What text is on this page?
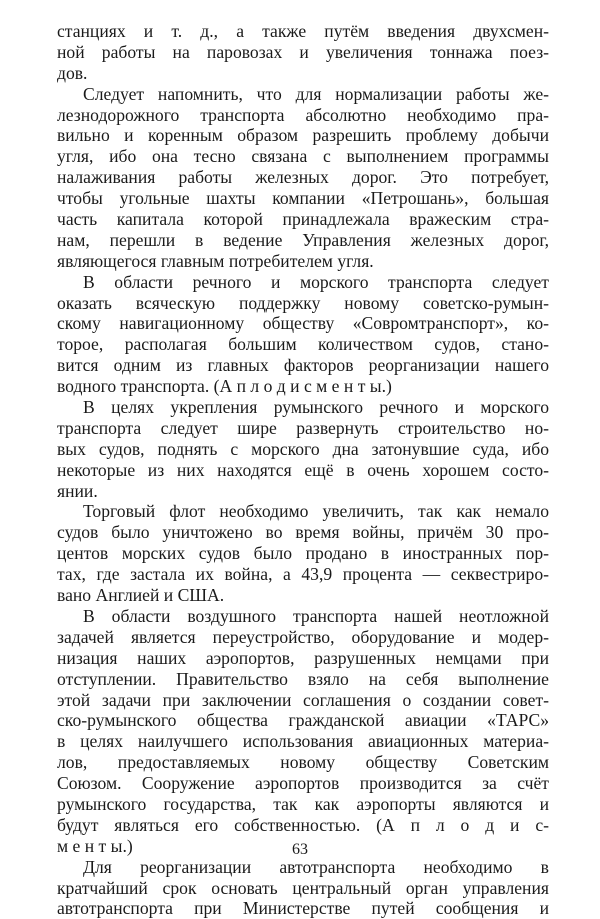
станциях и т. д., а также путём введения двухсмен-
ной работы на паровозах и увеличения тоннажа поез-
дов.
Следует напомнить, что для нормализации работы же-
лезнодорожного транспорта абсолютно необходимо пра-
вильно и коренным образом разрешить проблему добычи
угля, ибо она тесно связана с выполнением программы
налаживания работы железных дорог. Это потребует,
чтобы угольные шахты компании «Петрошань», большая
часть капитала которой принадлежала вражеским стра-
нам, перешли в ведение Управления железных дорог,
являющегося главным потребителем угля.
В области речного и морского транспорта следует
оказать всяческую поддержку новому советско-румын-
скому навигационному обществу «Совромтранспорт», ко-
торое, располагая большим количеством судов, стано-
вится одним из главных факторов реорганизации нашего
водного транспорта. (А п л о д и с м е н т ы.)
В целях укрепления румынского речного и морского
транспорта следует шире развернуть строительство но-
вых судов, поднять с морского дна затонувшие суда, ибо
некоторые из них находятся ещё в очень хорошем состо-
янии.
Торговый флот необходимо увеличить, так как немало
судов было уничтожено во время войны, причём 30 про-
центов морских судов было продано в иностранных пор-
тах, где застала их война, а 43,9 процента — секвестриро-
вано Англией и США.
В области воздушного транспорта нашей неотложной
задачей является переустройство, оборудование и модер-
низация наших аэропортов, разрушенных немцами при
отступлении. Правительство взяло на себя выполнение
этой задачи при заключении соглашения о создании совет-
ско-румынского общества гражданской авиации «ТАРС»
в целях наилучшего использования авиационных материа-
лов, предоставляемых новому обществу Советским
Союзом. Сооружение аэропортов производится за счёт
румынского государства, так как аэропорты являются и
будут являться его собственностью. (А п л о д и с-
м е н т ы.)
Для реорганизации автотранспорта необходимо в
кратчайший срок основать центральный орган управления
автотранспорта при Министерстве путей сообщения и
63
